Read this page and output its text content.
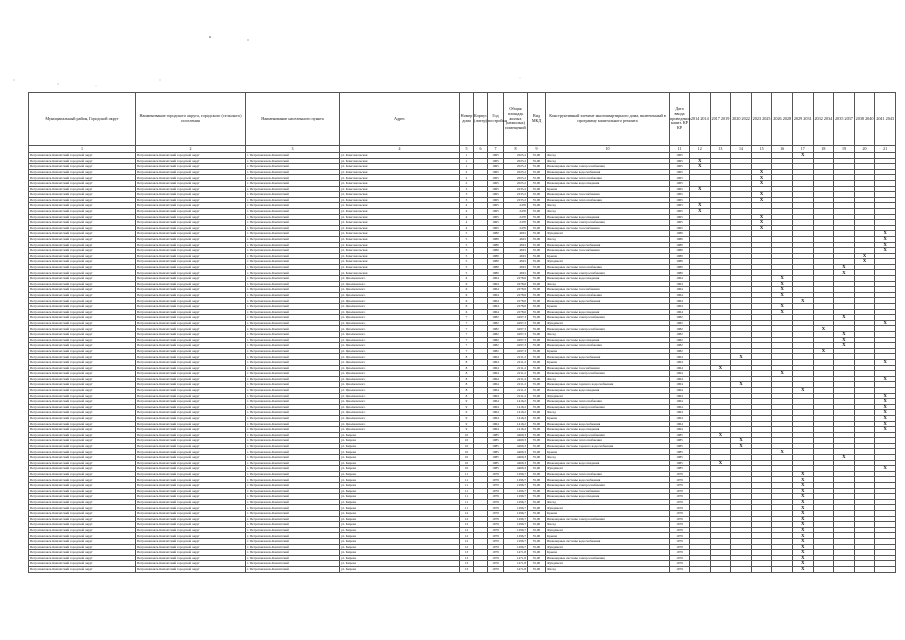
Муниципальный район, Городской округ	Наименование городского округа, городского (сельского) поселения	Наименование населенного пункта	Адрес	Номер дома	Корпус (литер)	Год постройки	Общая площадь жилых (нежилых) помещений	Вид МКД	Конструктивный элемент многоквартирного дома, включенный в программу капитального ремонта	Дата ввода проведения капит. КР КР	2014 2014	2017 2019	2020 2022	2023 2025	2026 2028	2029 2031	2032 2034	2035 2037	2038 2040	2041 2043
1	2	3	4	5	6	7	8	9	10	11	12	13	14	15	16	17	18	19	20	21
Петропавловск-Камчатский городской округ	Петропавловск-Камчатский городской округ	г. Петропавловск-Камчатский	ул. Комсомольская	1		1965	2025,2	35,00	Фасад	1965						X				
Петропавловск-Камчатский городской округ	Петропавловск-Камчатский городской округ	г. Петропавловск-Камчатский	ул. Комсомольская	1		1965	2025,2	35,00	Фасад	1965	X									
Петропавловск-Камчатский городской округ	Петропавловск-Камчатский городской округ	г. Петропавловск-Камчатский	ул. Комсомольская	1		1965	2025,2	35,00	Инженерные системы электроснабжения	1965	X									
Петропавловск-Камчатский городской округ	Петропавловск-Камчатский городской округ	г. Петропавловск-Камчатский	ул. Комсомольская	2		1965	2025,2	35,00	Инженерные системы водоснабжения	1965				X						
Петропавловск-Камчатский городской округ	Петропавловск-Камчатский городской округ	г. Петропавловск-Камчатский	ул. Комсомольская	2		1965	2025,2	35,00	Инженерные системы теплоснабжения	1965				X						
Петропавловск-Камчатский городской округ	Петропавловск-Камчатский городской округ	г. Петропавловск-Камчатский	ул. Комсомольская	2		1965	2025,2	35,00	Инженерные системы водоотведения	1965				X						
Петропавловск-Камчатский городской округ	Петропавловск-Камчатский городской округ	г. Петропавловск-Камчатский	ул. Комсомольская	3		1965	2235,2	35,00	Крыша	1965	X									
Петропавловск-Камчатский городской округ	Петропавловск-Камчатский городской округ	г. Петропавловск-Камчатский	ул. Комсомольская	3		1965	2235,2	35,00	Инженерные системы газоснабжения	1965				X						
Петропавловск-Камчатский городской округ	Петропавловск-Камчатский городской округ	г. Петропавловск-Камчатский	ул. Комсомольская	3		1965	2235,2	35,00	Инженерные системы теплоснабжения	1965				X						
Петропавловск-Камчатский городской округ	Петропавловск-Камчатский городской округ	г. Петропавловск-Камчатский	ул. Комсомольская	4		1965	2470	35,00	Фасад	1965	X									
Петропавловск-Камчатский городской округ	Петропавловск-Камчатский городской округ	г. Петропавловск-Камчатский	ул. Комсомольская	4		1965	2470	35,00	Фасад	1965	X									
Петропавловск-Камчатский городской округ	Петропавловск-Камчатский городской округ	г. Петропавловск-Камчатский	ул. Комсомольская	4		1965	2470	35,00	Инженерные системы водоотведения	1965				X						
Петропавловск-Камчатский городской округ	Петропавловск-Камчатский городской округ	г. Петропавловск-Камчатский	ул. Комсомольская	4		1965	2470	35,00	Инженерные системы электроснабжения	1965				X						
Петропавловск-Камчатский городской округ	Петропавловск-Камчатский городской округ	г. Петропавловск-Камчатский	ул. Комсомольская	4		1965	2470	35,00	Инженерные системы газоснабжения	1965				X						
Петропавловск-Камчатский городской округ	Петропавловск-Камчатский городской округ	г. Петропавловск-Камчатский	ул. Комсомольская	5		1980	4691	35,00	Фундамент	1980										X
Петропавловск-Камчатский городской округ	Петропавловск-Камчатский городской округ	г. Петропавловск-Камчатский	ул. Комсомольская	5		1980	4691	35,00	Фасад	1980										X
Петропавловск-Камчатский городской округ	Петропавловск-Камчатский городской округ	г. Петропавловск-Камчатский	ул. Комсомольская	5		1980	4691	35,00	Инженерные системы водоснабжения	1980										X
Петропавловск-Камчатский городской округ	Петропавловск-Камчатский городской округ	г. Петропавловск-Камчатский	ул. Комсомольская	5		1980	4691	35,00	Инженерные системы газоснабжения	1980										X
Петропавловск-Камчатский городской округ	Петропавловск-Камчатский городской округ	г. Петропавловск-Камчатский	ул. Комсомольская	5		1980	4691	35,00	Крыша	1980									X	
Петропавловск-Камчатский городской округ	Петропавловск-Камчатский городской округ	г. Петропавловск-Камчатский	ул. Комсомольская	5		1980	4691	35,00	Фундамент	1980									X	
Петропавловск-Камчатский городской округ	Петропавловск-Камчатский городской округ	г. Петропавловск-Камчатский	ул. Комсомольская	5		1980	4691	35,00	Инженерные системы теплоснабжения	1980								X		
Петропавловск-Камчатский городской округ	Петропавловск-Камчатский городской округ	г. Петропавловск-Камчатский	ул. Комсомольская	5		1980	4691	35,00	Инженерные системы электроснабжения	1980								X		
Петропавловск-Камчатский городской округ	Петропавловск-Камчатский городской округ	г. Петропавловск-Камчатский	ул. Циолковского	6		1964	2278,6	35,00	Инженерные системы водоотведения	1964					X					
Петропавловск-Камчатский городской округ	Петропавловск-Камчатский городской округ	г. Петропавловск-Камчатский	ул. Циолковского	6		1964	2278,6	35,00	Фасад	1964					X					
Петропавловск-Камчатский городской округ	Петропавловск-Камчатский городской округ	г. Петропавловск-Камчатский	ул. Циолковского	6		1964	2278,6	35,00	Инженерные системы газоснабжения	1964					X					
Петропавловск-Камчатский городской округ	Петропавловск-Камчатский городской округ	г. Петропавловск-Камчатский	ул. Циолковского	6		1964	2278,6	35,00	Инженерные системы теплоснабжения	1964					X					
Петропавловск-Камчатский городской округ	Петропавловск-Камчатский городской округ	г. Петропавловск-Камчатский	ул. Циолковского	6		1964	2278,6	35,00	Инженерные системы водоснабжения	1964						X				
Петропавловск-Камчатский городской округ	Петропавловск-Камчатский городской округ	г. Петропавловск-Камчатский	ул. Циолковского	6		1964	2278,6	35,00	Крыша	1964					X					
Петропавловск-Камчатский городской округ	Петропавловск-Камчатский городской округ	г. Петропавловск-Камчатский	ул. Циолковского	6		1964	2278,6	35,00	Инженерные системы водоотведения	1964					X					
Петропавловск-Камчатский городской округ	Петропавловск-Камчатский городской округ	г. Петропавловск-Камчатский	ул. Циолковского	7		1982	4297,3	35,00	Инженерные системы электроснабжения	1982								X		
Петропавловск-Камчатский городской округ	Петропавловск-Камчатский городской округ	г. Петропавловск-Камчатский	ул. Циолковского	7		1982	4297,3	35,00	Фундамент	1982										X
Петропавловск-Камчатский городской округ	Петропавловск-Камчатский городской округ	г. Петропавловск-Камчатский	ул. Циолковского	7		1982	4297,3	35,00	Инженерные системы электроснабжения	1982							X			
Петропавловск-Камчатский городской округ	Петропавловск-Камчатский городской округ	г. Петропавловск-Камчатский	ул. Циолковского	7		1982	4297,3	35,00	Фасад	1982								X		
Петропавловск-Камчатский городской округ	Петропавловск-Камчатский городской округ	г. Петропавловск-Камчатский	ул. Циолковского	7		1982	4297,3	35,00	Инженерные системы водоотведения	1982								X		
Петропавловск-Камчатский городской округ	Петропавловск-Камчатский городской округ	г. Петропавловск-Камчатский	ул. Циолковского	7		1982	4297,3	35,00	Инженерные системы теплоснабжения	1982								X		
Петропавловск-Камчатский городской округ	Петропавловск-Камчатский городской округ	г. Петропавловск-Камчатский	ул. Циолковского	7		1982	4297,3	35,00	Крыша	1982							X			
Петропавловск-Камчатский городской округ	Петропавловск-Камчатский городской округ	г. Петропавловск-Камчатский	ул. Циолковского	8		1964	2211,2	35,00	Инженерные системы водоснабжения	1964			X							
Петропавловск-Камчатский городской округ	Петропавловск-Камчатский городской округ	г. Петропавловск-Камчатский	ул. Циолковского	8		1964	2211,2	35,00	Крыша	1964										X
Петропавловск-Камчатский городской округ	Петропавловск-Камчатский городской округ	г. Петропавловск-Камчатский	ул. Циолковского	8		1964	2211,2	35,00	Инженерные системы газоснабжения	1964		X								
Петропавловск-Камчатский городской округ	Петропавловск-Камчатский городской округ	г. Петропавловск-Камчатский	ул. Циолковского	8		1964	2211,2	35,00	Инженерные системы электроснабжения	1964					X					
Петропавловск-Камчатский городской округ	Петропавловск-Камчатский городской округ	г. Петропавловск-Камчатский	ул. Циолковского	8		1964	2211,2	35,00	Фасад	1964										X
Петропавловск-Камчатский городской округ	Петропавловск-Камчатский городской округ	г. Петропавловск-Камчатский	ул. Циолковского	8		1964	2211,2	35,00	Инженерные системы горячего водоснабжения	1964			X							
Петропавловск-Камчатский городской округ	Петропавловск-Камчатский городской округ	г. Петропавловск-Камчатский	ул. Циолковского	8		1964	2211,2	35,00	Инженерные системы водоотведения	1964						X				
Петропавловск-Камчатский городской округ	Петропавловск-Камчатский городской округ	г. Петропавловск-Камчатский	ул. Циолковского	8		1964	2211,2	35,00	Фундамент	1964										X
Петропавловск-Камчатский городской округ	Петропавловск-Камчатский городской округ	г. Петропавловск-Камчатский	ул. Циолковского	9		1964	1416,2	35,00	Инженерные системы теплоснабжения	1964										X
Петропавловск-Камчатский городской округ	Петропавловск-Камчатский городской округ	г. Петропавловск-Камчатский	ул. Циолковского	9		1964	1416,2	35,00	Инженерные системы электроснабжения	1964										X
Петропавловск-Камчатский городской округ	Петропавловск-Камчатский городской округ	г. Петропавловск-Камчатский	ул. Циолковского	9		1964	1416,2	35,00	Фасад	1964										X
Петропавловск-Камчатский городской округ	Петропавловск-Камчатский городской округ	г. Петропавловск-Камчатский	ул. Циолковского	9		1964	1416,2	35,00	Крыша	1964										X
Петропавловск-Камчатский городской округ	Петропавловск-Камчатский городской округ	г. Петропавловск-Камчатский	ул. Циолковского	9		1964	1416,2	35,00	Инженерные системы водоснабжения	1964										X
Петропавловск-Камчатский городской округ	Петропавловск-Камчатский городской округ	г. Петропавловск-Камчатский	ул. Циолковского	9		1964	1416,2	35,00	Инженерные системы водоотведения	1964										X
Петропавловск-Камчатский городской округ	Петропавловск-Камчатский городской округ	г. Петропавловск-Камчатский	ул. Кирова	10		1985	4469,3	35,00	Инженерные системы электроснабжения	1985		X								
Петропавловск-Камчатский городской округ	Петропавловск-Камчатский городской округ	г. Петропавловск-Камчатский	ул. Кирова	10		1985	4469,3	35,00	Инженерные системы теплоснабжения	1985			X							
Петропавловск-Камчатский городской округ	Петропавловск-Камчатский городской округ	г. Петропавловск-Камчатский	ул. Кирова	10		1985	4469,3	35,00	Инженерные системы горячего водоснабжения	1985			X							
Петропавловск-Камчатский городской округ	Петропавловск-Камчатский городской округ	г. Петропавловск-Камчатский	ул. Кирова	10		1985	4469,3	35,00	Крыша	1985					X					
Петропавловск-Камчатский городской округ	Петропавловск-Камчатский городской округ	г. Петропавловск-Камчатский	ул. Кирова	10		1985	4469,3	35,00	Фасад	1985								X		
Петропавловск-Камчатский городской округ	Петропавловск-Камчатский городской округ	г. Петропавловск-Камчатский	ул. Кирова	10		1985	4469,3	35,00	Инженерные системы водоотведения	1985		X								
Петропавловск-Камчатский городской округ	Петропавловск-Камчатский городской округ	г. Петропавловск-Камчатский	ул. Кирова	10		1985	4469,3	35,00	Фундамент	1985										X
Петропавловск-Камчатский городской округ	Петропавловск-Камчатский городской округ	г. Петропавловск-Камчатский	ул. Кирова	11		1979	1296,7	35,00	Инженерные системы теплоснабжения	1979						X				
Петропавловск-Камчатский городской округ	Петропавловск-Камчатский городской округ	г. Петропавловск-Камчатский	ул. Кирова	11		1979	1296,7	35,00	Инженерные системы водоснабжения	1979						X				
Петропавловск-Камчатский городской округ	Петропавловск-Камчатский городской округ	г. Петропавловск-Камчатский	ул. Кирова	11		1979	1296,7	35,00	Инженерные системы электроснабжения	1979						X				
Петропавловск-Камчатский городской округ	Петропавловск-Камчатский городской округ	г. Петропавловск-Камчатский	ул. Кирова	11		1979	1296,7	35,00	Инженерные системы газоснабжения	1979						X				
Петропавловск-Камчатский городской округ	Петропавловск-Камчатский городской округ	г. Петропавловск-Камчатский	ул. Кирова	11		1979	1296,7	35,00	Инженерные системы водоотведения	1979						X				
Петропавловск-Камчатский городской округ	Петропавловск-Камчатский городской округ	г. Петропавловск-Камчатский	ул. Кирова	11		1979	1296,7	35,00	Фасад	1979						X				
Петропавловск-Камчатский городской округ	Петропавловск-Камчатский городской округ	г. Петропавловск-Камчатский	ул. Кирова	11		1979	1296,7	35,00	Фундамент	1979						X				
Петропавловск-Камчатский городской округ	Петропавловск-Камчатский городской округ	г. Петропавловск-Камчатский	ул. Кирова	12		1979	1296,7	35,00	Крыша	1979						X				
Петропавловск-Камчатский городской округ	Петропавловск-Камчатский городской округ	г. Петропавловск-Камчатский	ул. Кирова	12		1979	1296,7	35,00	Инженерные системы электроснабжения	1979						X				
Петропавловск-Камчатский городской округ	Петропавловск-Камчатский городской округ	г. Петропавловск-Камчатский	ул. Кирова	12		1979	1296,7	35,00	Фасад	1979						X				
Петропавловск-Камчатский городской округ	Петропавловск-Камчатский городской округ	г. Петропавловск-Камчатский	ул. Кирова	12		1979	1296,7	35,00	Фундамент	1979						X				
Петропавловск-Камчатский городской округ	Петропавловск-Камчатский городской округ	г. Петропавловск-Камчатский	ул. Кирова	12		1979	1296,7	35,00	Крыша	1979						X				
Петропавловск-Камчатский городской округ	Петропавловск-Камчатский городской округ	г. Петропавловск-Камчатский	ул. Кирова	12		1979	1296,7	35,00	Инженерные системы водоснабжения	1979						X				
Петропавловск-Камчатский городской округ	Петропавловск-Камчатский городской округ	г. Петропавловск-Камчатский	ул. Кирова	12		1979	1296,7	35,00	Фундамент	1979						X				
Петропавловск-Камчатский городской округ	Петропавловск-Камчатский городской округ	г. Петропавловск-Камчатский	ул. Кирова	13		1979	1471,8	35,00	Крыша	1979						X				
Петропавловск-Камчатский городской округ	Петропавловск-Камчатский городской округ	г. Петропавловск-Камчатский	ул. Кирова	13		1979	1471,8	35,00	Инженерные системы электроснабжения	1979						X				
Петропавловск-Камчатский городской округ	Петропавловск-Камчатский городской округ	г. Петропавловск-Камчатский	ул. Кирова	13		1979	1471,8	35,00	Фундамент	1979						X				
Петропавловск-Камчатский городской округ	Петропавловск-Камчатский городской округ	г. Петропавловск-Камчатский	ул. Кирова	13		1979	1471,8	35,00	Фасад	1979						X				
